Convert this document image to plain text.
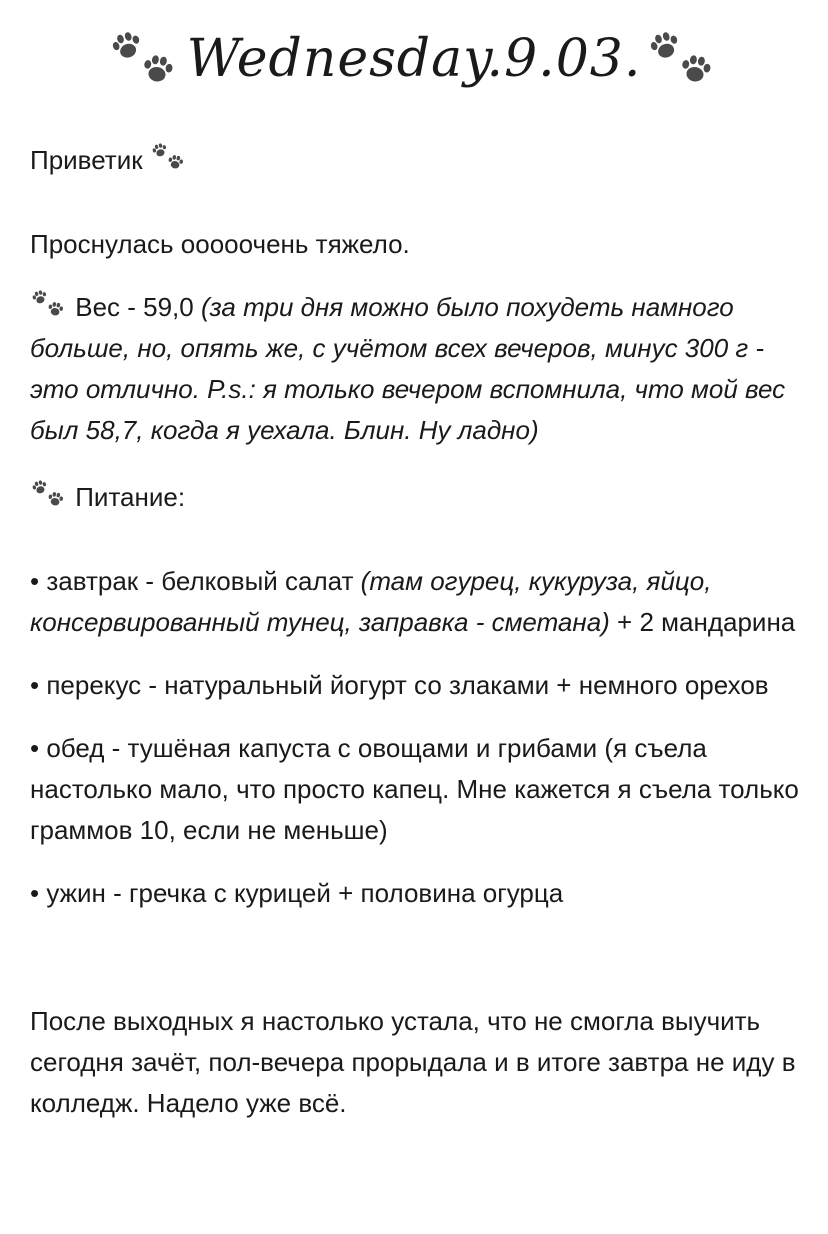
Wednesday.9.03.

Приветик

Проснулась ооооочень тяжело.

Вес - 59,0 (за три дня можно было похудеть намного больше, но, опять же, с учётом всех вечеров, минус 300 г - это отлично. P.s.: я только вечером вспомнила, что мой вес был 58,7, когда я уехала. Блин. Ну ладно)

Питание:

• завтрак - белковый салат (там огурец, кукуруза, яйцо, консервированный тунец, заправка - сметана) + 2 мандарина

• перекус - натуральный йогурт со злаками + немного орехов

• обед - тушёная капуста с овощами и грибами (я съела настолько мало, что просто капец. Мне кажется я съела только граммов 10, если не меньше)

• ужин - гречка с курицей + половина огурца

После выходных я настолько устала, что не смогла выучить сегодня зачёт, пол-вечера прорыдала и в итоге завтра не иду в колледж. Надело уже всё.
